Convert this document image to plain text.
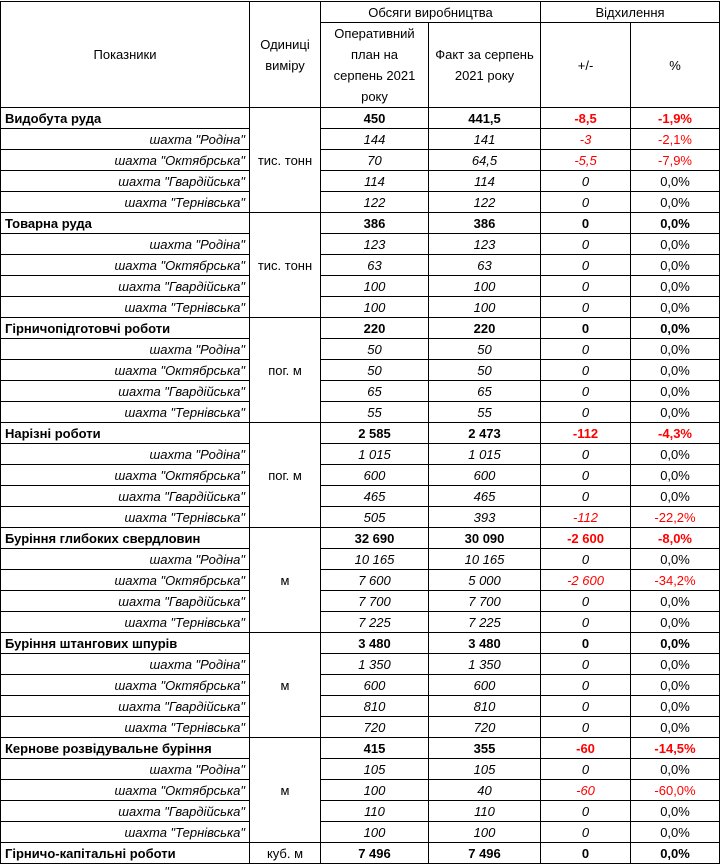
Показники	Одиниці виміру	Обсяги виробництва		Відхилення	
		Оперативний план на серпень 2021 року	Факт за серпень 2021 року	+/-	%
Видобута руда	тис. тонн	450	441,5	-8,5	-1,9%
шахта "Родіна"		144	141	-3	-2,1%
шахта "Октябрська"		70	64,5	-5,5	-7,9%
шахта "Гвардійська"		114	114	0	0,0%
шахта "Тернівська"		122	122	0	0,0%
Товарна руда	тис. тонн	386	386	0	0,0%
шахта "Родіна"		123	123	0	0,0%
шахта "Октябрська"		63	63	0	0,0%
шахта "Гвардійська"		100	100	0	0,0%
шахта "Тернівська"		100	100	0	0,0%
Гірничопідготовчі роботи	пог. м	220	220	0	0,0%
шахта "Родіна"		50	50	0	0,0%
шахта "Октябрська"		50	50	0	0,0%
шахта "Гвардійська"		65	65	0	0,0%
шахта "Тернівська"		55	55	0	0,0%
Нарізні роботи	пог. м	2 585	2 473	-112	-4,3%
шахта "Родіна"		1 015	1 015	0	0,0%
шахта "Октябрська"		600	600	0	0,0%
шахта "Гвардійська"		465	465	0	0,0%
шахта "Тернівська"		505	393	-112	-22,2%
Буріння глибоких свердловин	м	32 690	30 090	-2 600	-8,0%
шахта "Родіна"		10 165	10 165	0	0,0%
шахта "Октябрська"		7 600	5 000	-2 600	-34,2%
шахта "Гвардійська"		7 700	7 700	0	0,0%
шахта "Тернівська"		7 225	7 225	0	0,0%
Буріння штангових шпурів	м	3 480	3 480	0	0,0%
шахта "Родіна"		1 350	1 350	0	0,0%
шахта "Октябрська"		600	600	0	0,0%
шахта "Гвардійська"		810	810	0	0,0%
шахта "Тернівська"		720	720	0	0,0%
Кернове розвідувальне буріння	м	415	355	-60	-14,5%
шахта "Родіна"		105	105	0	0,0%
шахта "Октябрська"		100	40	-60	-60,0%
шахта "Гвардійська"		110	110	0	0,0%
шахта "Тернівська"		100	100	0	0,0%
Гірничо-капітальні роботи	куб. м	7 496	7 496	0	0,0%
